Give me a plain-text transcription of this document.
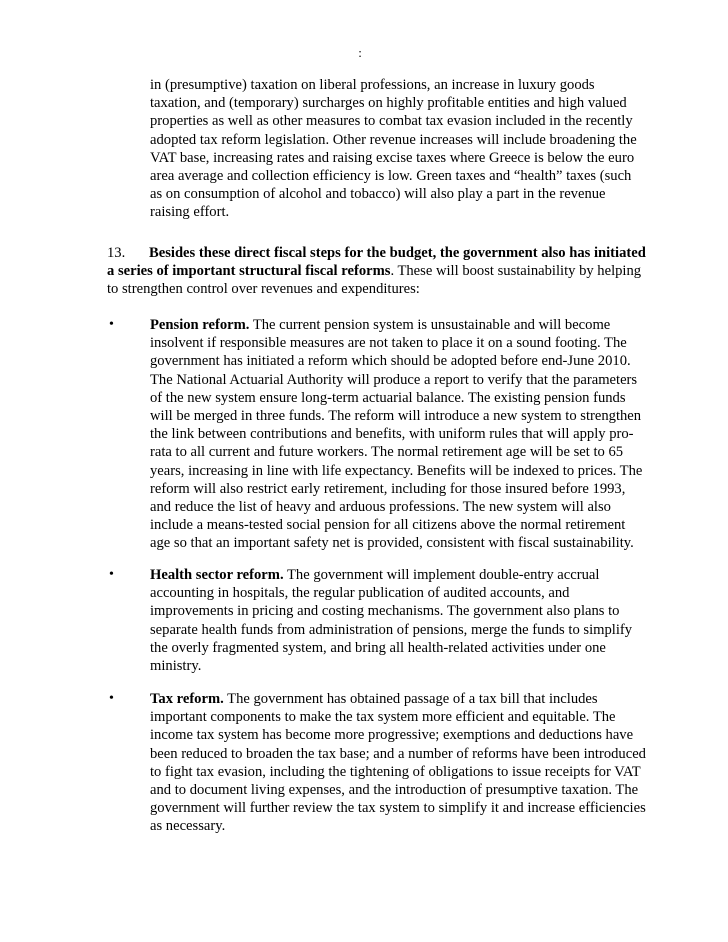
:
in (presumptive) taxation on liberal professions, an increase in luxury goods taxation, and (temporary) surcharges on highly profitable entities and high valued properties as well as other measures to combat tax evasion included in the recently adopted tax reform legislation. Other revenue increases will include broadening the VAT base, increasing rates and raising excise taxes where Greece is below the euro area average and collection efficiency is low. Green taxes and “health” taxes (such as on consumption of alcohol and tobacco) will also play a part in the revenue raising effort.
13. Besides these direct fiscal steps for the budget, the government also has initiated a series of important structural fiscal reforms. These will boost sustainability by helping to strengthen control over revenues and expenditures:
• Pension reform. The current pension system is unsustainable and will become insolvent if responsible measures are not taken to place it on a sound footing. The government has initiated a reform which should be adopted before end-June 2010. The National Actuarial Authority will produce a report to verify that the parameters of the new system ensure long-term actuarial balance. The existing pension funds will be merged in three funds. The reform will introduce a new system to strengthen the link between contributions and benefits, with uniform rules that will apply pro-rata to all current and future workers. The normal retirement age will be set to 65 years, increasing in line with life expectancy. Benefits will be indexed to prices. The reform will also restrict early retirement, including for those insured before 1993, and reduce the list of heavy and arduous professions. The new system will also include a means-tested social pension for all citizens above the normal retirement age so that an important safety net is provided, consistent with fiscal sustainability.
• Health sector reform. The government will implement double-entry accrual accounting in hospitals, the regular publication of audited accounts, and improvements in pricing and costing mechanisms. The government also plans to separate health funds from administration of pensions, merge the funds to simplify the overly fragmented system, and bring all health-related activities under one ministry.
• Tax reform. The government has obtained passage of a tax bill that includes important components to make the tax system more efficient and equitable. The income tax system has become more progressive; exemptions and deductions have been reduced to broaden the tax base; and a number of reforms have been introduced to fight tax evasion, including the tightening of obligations to issue receipts for VAT and to document living expenses, and the introduction of presumptive taxation. The government will further review the tax system to simplify it and increase efficiencies as necessary.
